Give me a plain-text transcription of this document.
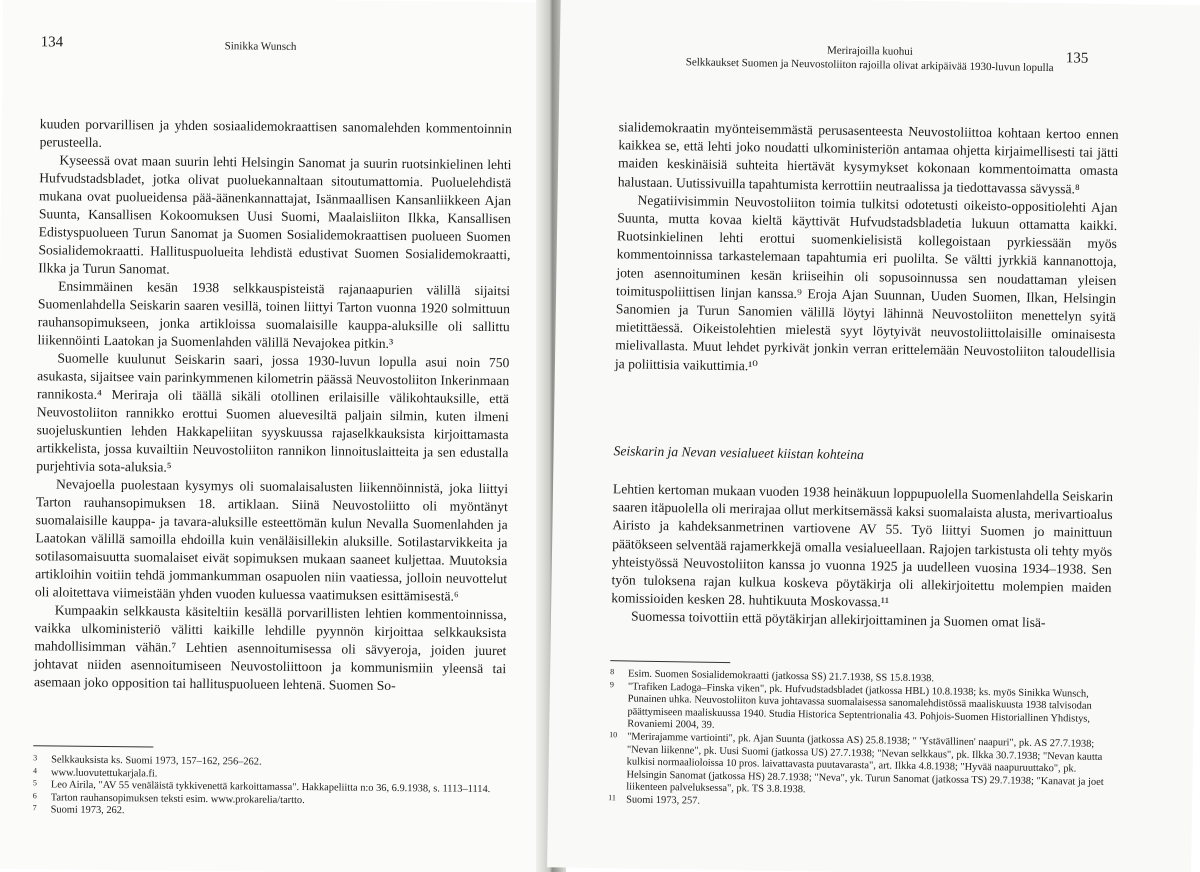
134	Sinikka Wunsch

kuuden porvarillisen ja yhden sosiaalidemokraattisen sanomalehden kommentoinnin perusteella.

Kyseessä ovat maan suurin lehti Helsingin Sanomat ja suurin ruotsinkielinen lehti Hufvudstadsbladet, jotka olivat puoluekannaltaan sitoutumattomia. Puoluelehdistä mukana ovat puolueidensa pää-äänenkannattajat, Isänmaallisen Kansanliikkeen Ajan Suunta, Kansallisen Kokoomuksen Uusi Suomi, Maalaisliiton Ilkka, Kansallisen Edistyspuolueen Turun Sanomat ja Suomen Sosialidemokraattisen puolueen Suomen Sosialidemokraatti. Hallituspuolueita lehdistä edustivat Suomen Sosialidemokraatti, Ilkka ja Turun Sanomat.

Ensimmäinen kesän 1938 selkkauspisteistä rajanaapurien välillä sijaitsi Suomenlahdella Seiskarin saaren vesillä, toinen liittyi Tarton vuonna 1920 solmittuun rauhansopimukseen, jonka artikloissa suomalaisille kauppa-aluksille oli sallittu liikennöinti Laatokan ja Suomenlahden välillä Nevajokea pitkin.³

Suomelle kuulunut Seiskarin saari, jossa 1930-luvun lopulla asui noin 750 asukasta, sijaitsee vain parinkymmenen kilometrin päässä Neuvostoliiton Inkerinmaan rannikosta.⁴ Meriraja oli täällä sikäli otollinen erilaisille välikohtauksille, että Neuvostoliiton rannikko erottui Suomen aluevesiltä paljain silmin, kuten ilmeni suojeluskuntien lehden Hakkapeliitan syyskuussa rajaselkkauksista kirjoittamasta artikkelista, jossa kuvailtiin Neuvostoliiton rannikon linnoituslaitteita ja sen edustalla purjehtivia sota-aluksia.⁵

Nevajoella puolestaan kysymys oli suomalaisalusten liikennöinnistä, joka liittyi Tarton rauhansopimuksen 18. artiklaan. Siinä Neuvostoliitto oli myöntänyt suomalaisille kauppa- ja tavara-aluksille esteettömän kulun Nevalla Suomenlahden ja Laatokan välillä samoilla ehdoilla kuin venäläisillekin aluksille. Sotilastarvikkeita ja sotilasomaisuutta suomalaiset eivät sopimuksen mukaan saaneet kuljettaa. Muutoksia artikloihin voitiin tehdä jommankumman osapuolen niin vaatiessa, jolloin neuvottelut oli aloitettava viimeistään yhden vuoden kuluessa vaatimuksen esittämisestä.⁶

Kumpaakin selkkausta käsiteltiin kesällä porvarillisten lehtien kommentoinnissa, vaikka ulkoministeriö välitti kaikille lehdille pyynnön kirjoittaa selkkauksista mahdollisimman vähän.⁷ Lehtien asennoitumisessa oli sävyeroja, joiden juuret johtavat niiden asennoitumiseen Neuvostoliittoon ja kommunismiin yleensä tai asemaan joko opposition tai hallituspuolueen lehtenä. Suomen So-

3 Selkkauksista ks. Suomi 1973, 157–162, 256–262.
4 www.luovutettukarjala.fi.
5 Leo Airila, "AV 55 venäläistä tykkivenettä karkoittamassa". Hakkapeliitta n:o 36, 6.9.1938, s. 1113–1114.
6 Tarton rauhansopimuksen teksti esim. www.prokarelia/tartto.
7 Suomi 1973, 262.
Merirajoilla kuohui
Selkkaukset Suomen ja Neuvostoliiton rajoilla olivat arkipäivää 1930-luvun lopulla 135

sialidemokraatin myönteisemmästä perusasenteesta Neuvostoliittoa kohtaan kertoo ennen kaikkea se, että lehti joko noudatti ulkoministeriön antamaa ohjetta kirjaimellisesti tai jätti maiden keskinäisiä suhteita hiertävät kysymykset kokonaan kommentoimatta omasta halustaan. Uutissivuilla tapahtumista kerrottiin neutraalissa ja tiedottavassa sävyssä.⁸

Negatiivisimmin Neuvostoliiton toimia tulkitsi odotetusti oikeisto-oppositiolehti Ajan Suunta, mutta kovaa kieltä käyttivät Hufvudstadsbladetia lukuun ottamatta kaikki. Ruotsinkielinen lehti erottui suomenkielisistä kollegoistaan pyrkiessään myös kommentoinnissa tarkastelemaan tapahtumia eri puolilta. Se vältti jyrkkiä kannanottoja, joten asennoituminen kesän kriiseihin oli sopusoinnussa sen noudattaman yleisen toimituspoliittisen linjan kanssa.⁹ Eroja Ajan Suunnan, Uuden Suomen, Ilkan, Helsingin Sanomien ja Turun Sanomien välillä löytyi lähinnä Neuvostoliiton menettelyn syitä mietittäessä. Oikeistolehtien mielestä syyt löytyivät neuvostoliittolaisille ominaisesta mielivallasta. Muut lehdet pyrkivät jonkin verran erittelemään Neuvostoliiton taloudellisia ja poliittisia vaikuttimia.¹⁰

Seiskarin ja Nevan vesialueet kiistan kohteina

Lehtien kertoman mukaan vuoden 1938 heinäkuun loppupuolella Suomenlahdella Seiskarin saaren itäpuolella oli merirajaa ollut merkitsemässä kaksi suomalaista alusta, merivartioalus Airisto ja kahdeksanmetrinen vartiovene AV 55. Työ liittyi Suomen jo mainittuun päätökseen selventää rajamerkkejä omalla vesialueellaan. Rajojen tarkistusta oli tehty myös yhteistyössä Neuvostoliiton kanssa jo vuonna 1925 ja uudelleen vuosina 1934–1938. Sen työn tuloksena rajan kulkua koskeva pöytäkirja oli allekirjoitettu molempien maiden komissioiden kesken 28. huhtikuuta Moskovassa.¹¹

Suomessa toivottiin että pöytäkirjan allekirjoittaminen ja Suomen omat lisä-

8 Esim. Suomen Sosialidemokraatti (jatkossa SS) 21.7.1938, SS 15.8.1938.
9 "Trafiken Ladoga–Finska viken", pk. Hufvudstadsbladet (jatkossa HBL) 10.8.1938; ks. myös Sinikka Wunsch, Punainen uhka. Neuvostoliiton kuva johtavassa suomalaisessa sanomalehdistössä maaliskuusta 1938 talvisodan päättymiseen maaliskuussa 1940. Studia Historica Septentrionalia 43. Pohjois-Suomen Historiallinen Yhdistys, Rovaniemi 2004, 39.
10 "Merirajamme vartiointi", pk. Ajan Suunta (jatkossa AS) 25.8.1938; " 'Ystävällinen' naapuri", pk. AS 27.7.1938; "Nevan liikenne", pk. Uusi Suomi (jatkossa US) 27.7.1938; "Nevan selkkaus", pk. Ilkka 30.7.1938; "Nevan kautta kulkisi normaalioloissa 10 pros. laivattavasta puutavarasta", art. Ilkka 4.8.1938; "Hyvää naapuruuttako", pk. Helsingin Sanomat (jatkossa HS) 28.7.1938; "Neva", yk. Turun Sanomat (jatkossa TS) 29.7.1938; "Kanavat ja joet liikenteen palveluksessa", pk. TS 3.8.1938.
11 Suomi 1973, 257.
